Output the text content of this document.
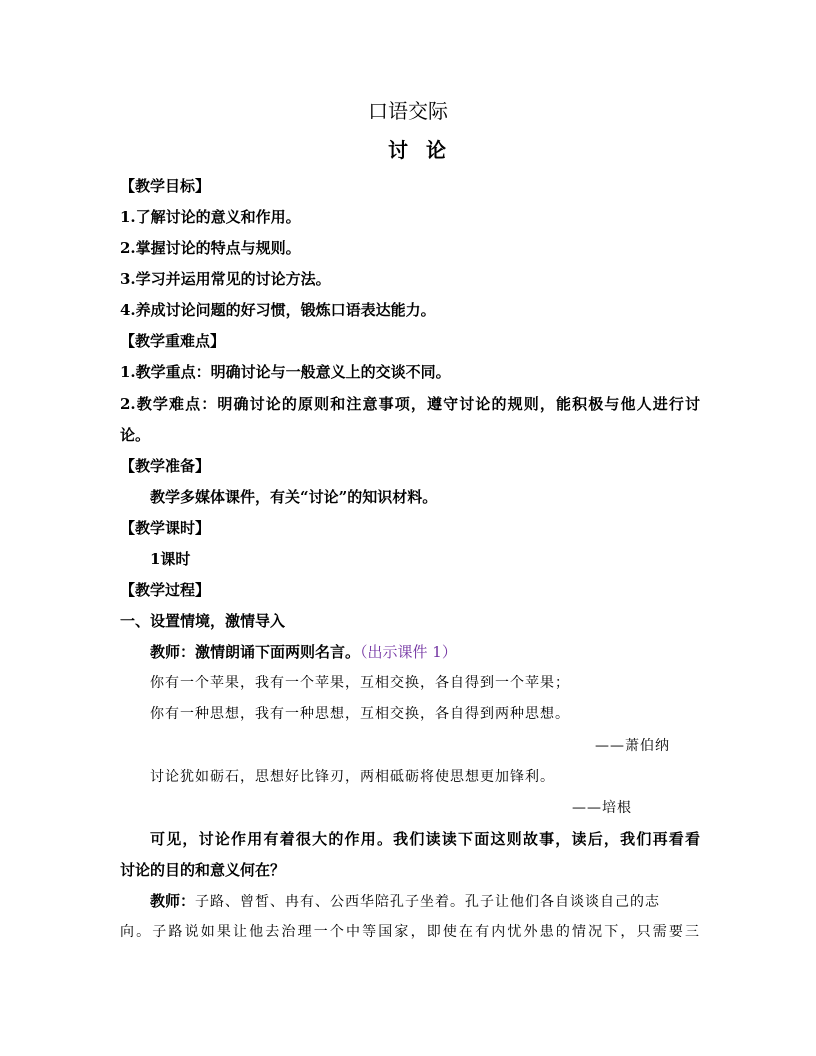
口语交际
讨论
【教学目标】
1.了解讨论的意义和作用。
2.掌握讨论的特点与规则。
3.学习并运用常见的讨论方法。
4.养成讨论问题的好习惯，锻炼口语表达能力。
【教学重难点】
1.教学重点：明确讨论与一般意义上的交谈不同。
2.教学难点：明确讨论的原则和注意事项，遵守讨论的规则，能积极与他人进行讨
论。
【教学准备】
教学多媒体课件，有关“讨论”的知识材料。
【教学课时】
1课时
【教学过程】
一、设置情境，激情导入
教师：激情朗诵下面两则名言。（出示课件 1）
你有一个苹果，我有一个苹果，互相交换，各自得到一个苹果；
你有一种思想，我有一种思想，互相交换，各自得到两种思想。
——萧伯纳
讨论犹如砺石，思想好比锋刃，两相砥砺将使思想更加锋利。
——培根
可见，讨论作用有着很大的作用。我们读读下面这则故事，读后，我们再看看
讨论的目的和意义何在？
教师：子路、曾皙、冉有、公西华陪孔子坐着。孔子让他们各自谈谈自己的志
向。子路说如果让他去治理一个中等国家，即使在有内忧外患的情况下，只需要三
